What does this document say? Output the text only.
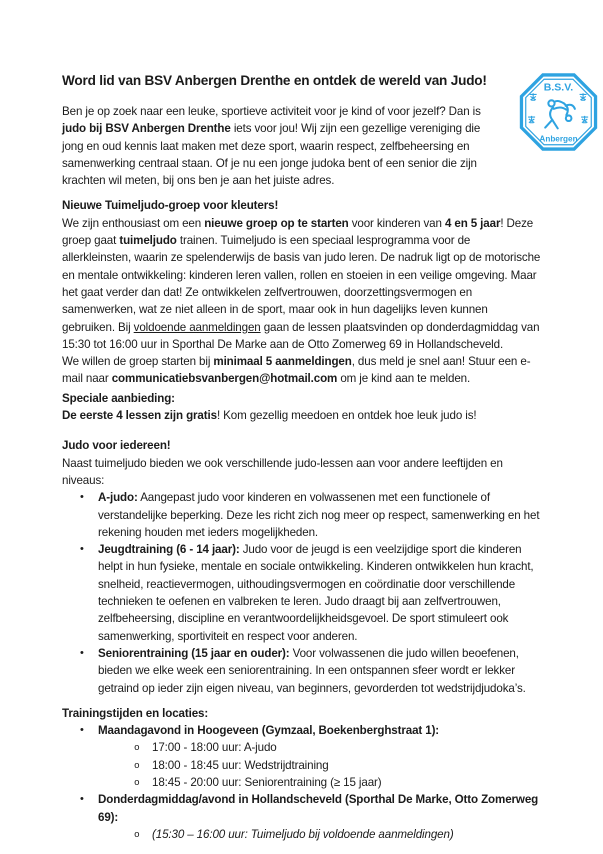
B.S.V.
Anbergen
Word lid van BSV Anbergen Drenthe en ontdek de wereld van Judo!
Ben je op zoek naar een leuke, sportieve activiteit voor je kind of voor jezelf? Dan is judo bij BSV Anbergen Drenthe iets voor jou! Wij zijn een gezellige vereniging die jong en oud kennis laat maken met deze sport, waarin respect, zelfbeheersing en samenwerking centraal staan. Of je nu een jonge judoka bent of een senior die zijn krachten wil meten, bij ons ben je aan het juiste adres.
Nieuwe Tuimeljudo-groep voor kleuters!
We zijn enthousiast om een nieuwe groep op te starten voor kinderen van 4 en 5 jaar! Deze groep gaat tuimeljudo trainen. Tuimeljudo is een speciaal lesprogramma voor de allerkleinsten, waarin ze spelenderwijs de basis van judo leren. De nadruk ligt op de motorische en mentale ontwikkeling: kinderen leren vallen, rollen en stoeien in een veilige omgeving. Maar het gaat verder dan dat! Ze ontwikkelen zelfvertrouwen, doorzettingsvermogen en samenwerken, wat ze niet alleen in de sport, maar ook in hun dagelijks leven kunnen gebruiken. Bij voldoende aanmeldingen gaan de lessen plaatsvinden op donderdagmiddag van 15:30 tot 16:00 uur in Sporthal De Marke aan de Otto Zomerweg 69 in Hollandscheveld.
We willen de groep starten bij minimaal 5 aanmeldingen, dus meld je snel aan! Stuur een e-mail naar communicatiebsvanbergen@hotmail.com om je kind aan te melden.
Speciale aanbieding:
De eerste 4 lessen zijn gratis! Kom gezellig meedoen en ontdek hoe leuk judo is!
Judo voor iedereen!
Naast tuimeljudo bieden we ook verschillende judo-lessen aan voor andere leeftijden en niveaus:
•	A-judo: Aangepast judo voor kinderen en volwassenen met een functionele of verstandelijke beperking. Deze les richt zich nog meer op respect, samenwerking en het rekening houden met ieders mogelijkheden.
•	Jeugdtraining (6 - 14 jaar): Judo voor de jeugd is een veelzijdige sport die kinderen helpt in hun fysieke, mentale en sociale ontwikkeling. Kinderen ontwikkelen hun kracht, snelheid, reactievermogen, uithoudingsvermogen en coördinatie door verschillende technieken te oefenen en valbreken te leren. Judo draagt bij aan zelfvertrouwen, zelfbeheersing, discipline en verantwoordelijkheidsgevoel. De sport stimuleert ook samenwerking, sportiviteit en respect voor anderen.
•	Seniorentraining (15 jaar en ouder): Voor volwassenen die judo willen beoefenen, bieden we elke week een seniorentraining. In een ontspannen sfeer wordt er lekker getraind op ieder zijn eigen niveau, van beginners, gevorderden tot wedstrijdjudoka’s.
Trainingstijden en locaties:
•	Maandagavond in Hoogeveen (Gymzaal, Boekenberghstraat 1):
o	17:00 - 18:00 uur: A-judo
o	18:00 - 18:45 uur: Wedstrijdtraining
o	18:45 - 20:00 uur: Seniorentraining (≥ 15 jaar)
•	Donderdagmiddag/avond in Hollandscheveld (Sporthal De Marke, Otto Zomerweg 69):
o	(15:30 – 16:00 uur: Tuimeljudo bij voldoende aanmeldingen)
